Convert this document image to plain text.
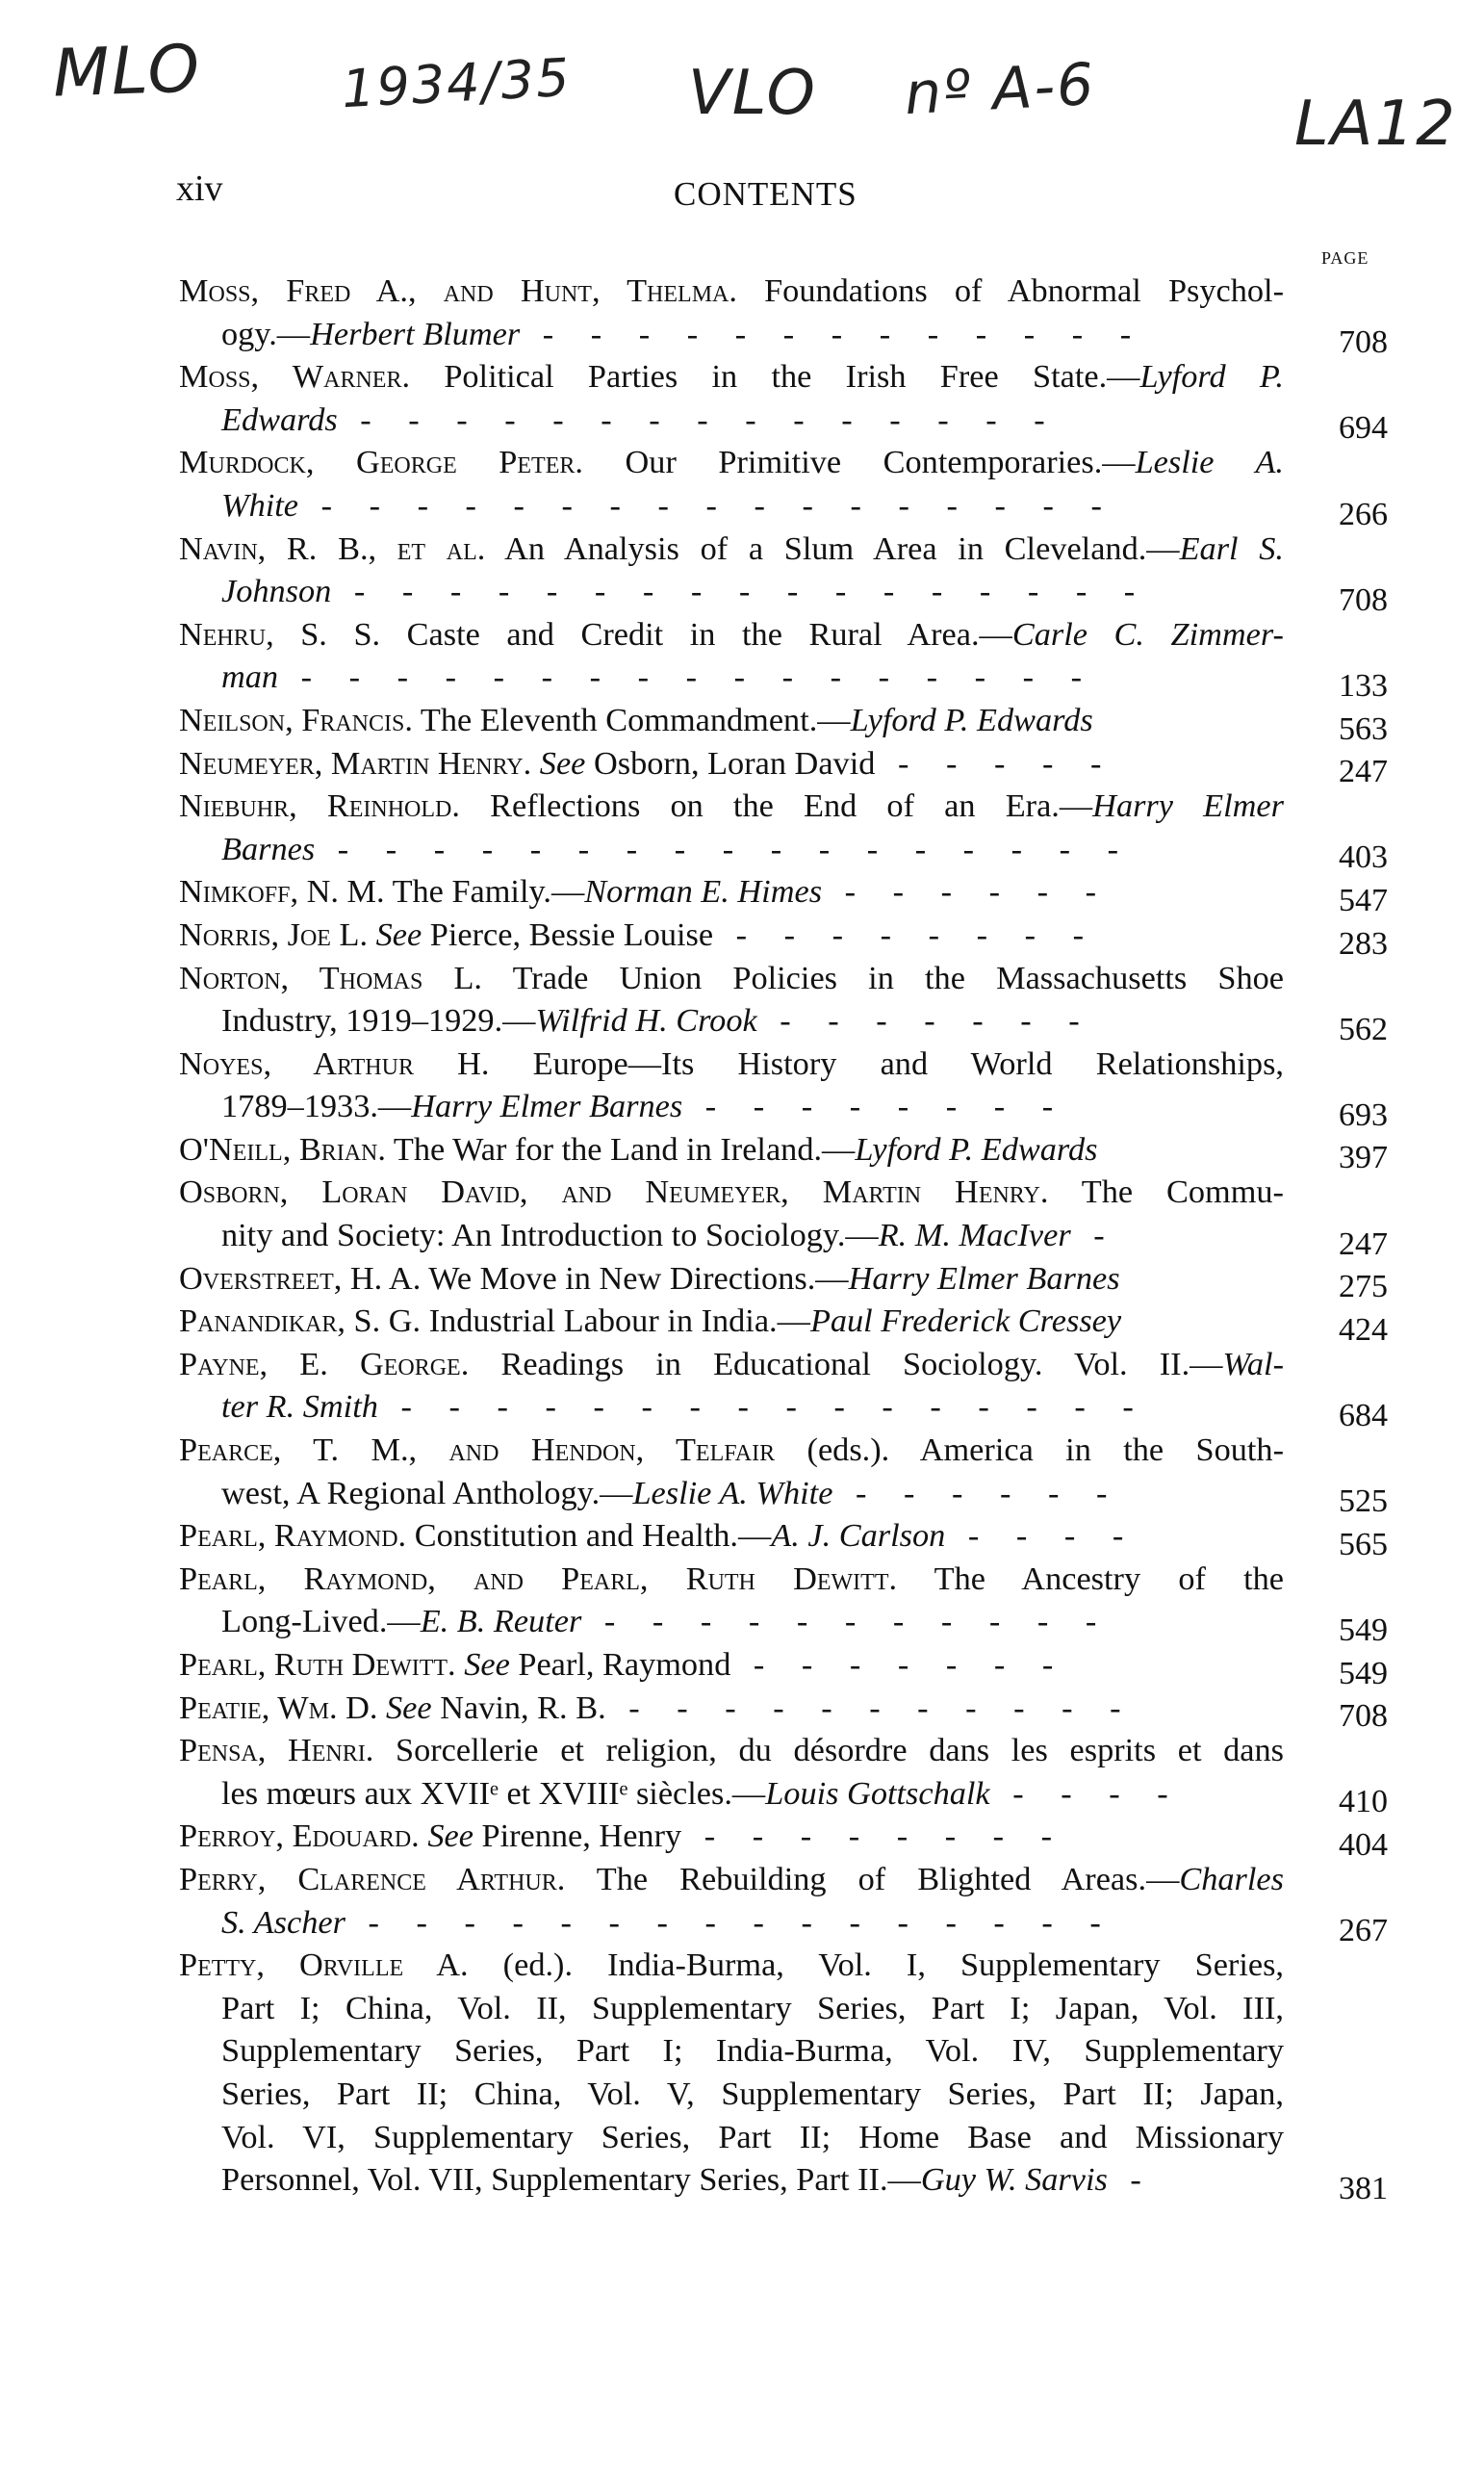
MLO	1934/35 VLO nº A-6	LA12
xiv	CONTENTS
PAGE
Moss, Fred A., and Hunt, Thelma. Foundations of Abnormal Psychol-
ogy.—Herbert Blumer - - - - - - - - - - - - -	708
Moss, Warner. Political Parties in the Irish Free State.—Lyford P.
Edwards - - - - - - - - - - - - - - -	694
Murdock, George Peter. Our Primitive Contemporaries.—Leslie A.
White - - - - - - - - - - - - - - - - -	266
Navin, R. B., et al. An Analysis of a Slum Area in Cleveland.—Earl S.
Johnson - - - - - - - - - - - - - - - - -	708
Nehru, S. S. Caste and Credit in the Rural Area.—Carle C. Zimmer-
man - - - - - - - - - - - - - - - - -	133
Neilson, Francis. The Eleventh Commandment.—Lyford P. Edwards	563
Neumeyer, Martin Henry. See Osborn, Loran David - - - - -	247
Niebuhr, Reinhold. Reflections on the End of an Era.—Harry Elmer
Barnes - - - - - - - - - - - - - - - - -	403
Nimkoff, N. M. The Family.—Norman E. Himes - - - - - -	547
Norris, Joe L. See Pierce, Bessie Louise - - - - - - - -	283
Norton, Thomas L. Trade Union Policies in the Massachusetts Shoe
Industry, 1919–1929.—Wilfrid H. Crook - - - - - - -	562
Noyes, Arthur H. Europe—Its History and World Relationships,
1789–1933.—Harry Elmer Barnes - - - - - - - -	693
O'Neill, Brian. The War for the Land in Ireland.—Lyford P. Edwards	397
Osborn, Loran David, and Neumeyer, Martin Henry. The Commu-
nity and Society: An Introduction to Sociology.—R. M. MacIver -	247
Overstreet, H. A. We Move in New Directions.—Harry Elmer Barnes	275
Panandikar, S. G. Industrial Labour in India.—Paul Frederick Cressey	424
Payne, E. George. Readings in Educational Sociology. Vol. II.—Wal-
ter R. Smith - - - - - - - - - - - - - - - -	684
Pearce, T. M., and Hendon, Telfair (eds.). America in the South-
west, A Regional Anthology.—Leslie A. White - - - - - -	525
Pearl, Raymond. Constitution and Health.—A. J. Carlson - - - -	565
Pearl, Raymond, and Pearl, Ruth Dewitt. The Ancestry of the
Long-Lived.—E. B. Reuter - - - - - - - - - - -	549
Pearl, Ruth Dewitt. See Pearl, Raymond - - - - - - -	549
Peatie, Wm. D. See Navin, R. B. - - - - - - - - - - -	708
Pensa, Henri. Sorcellerie et religion, du désordre dans les esprits et dans
les mœurs aux XVIIᵉ et XVIIIᵉ siècles.—Louis Gottschalk - - - -	410
Perroy, Edouard. See Pirenne, Henry - - - - - - - -	404
Perry, Clarence Arthur. The Rebuilding of Blighted Areas.—Charles
S. Ascher - - - - - - - - - - - - - - - -	267
Petty, Orville A. (ed.). India-Burma, Vol. I, Supplementary Series,
Part I; China, Vol. II, Supplementary Series, Part I; Japan, Vol. III,
Supplementary Series, Part I; India-Burma, Vol. IV, Supplementary
Series, Part II; China, Vol. V, Supplementary Series, Part II; Japan,
Vol. VI, Supplementary Series, Part II; Home Base and Missionary
Personnel, Vol. VII, Supplementary Series, Part II.—Guy W. Sarvis -	381
